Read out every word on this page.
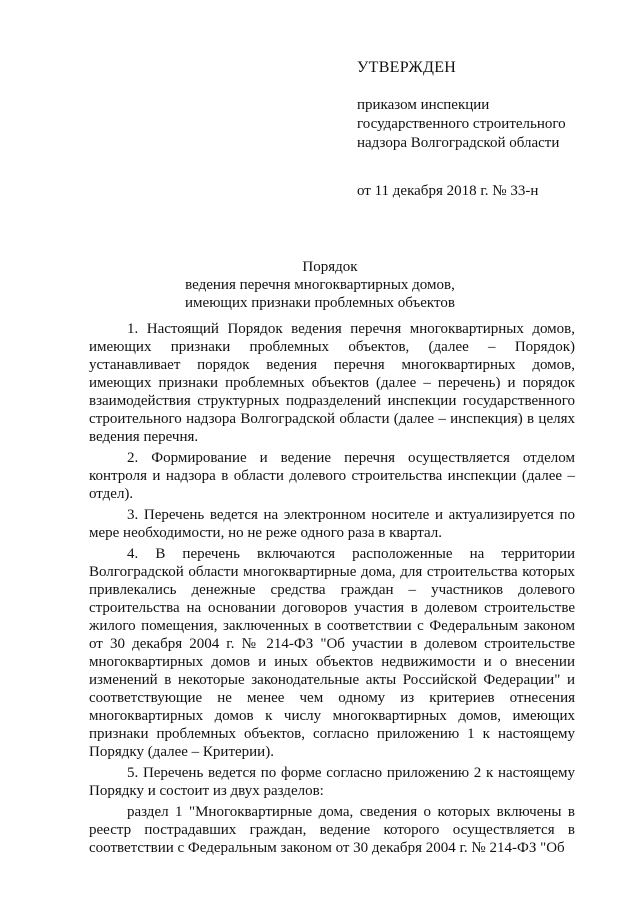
УТВЕРЖДЕН
приказом инспекции
государственного строительного
надзора Волгоградской области
от 11 декабря 2018 г. № 33-н
Порядок
ведения перечня многоквартирных домов,
имеющих признаки проблемных объектов

1. Настоящий Порядок ведения перечня многоквартирных домов, имеющих признаки проблемных объектов, (далее – Порядок) устанавливает порядок ведения перечня многоквартирных домов, имеющих признаки проблемных объектов (далее – перечень) и порядок взаимодействия структурных подразделений инспекции государственного строительного надзора Волгоградской области (далее – инспекция) в целях ведения перечня.

2. Формирование и ведение перечня осуществляется отделом контроля и надзора в области долевого строительства инспекции (далее – отдел).

3. Перечень ведется на электронном носителе и актуализируется по мере необходимости, но не реже одного раза в квартал.

4. В перечень включаются расположенные на территории Волгоградской области многоквартирные дома, для строительства которых привлекались денежные средства граждан – участников долевого строительства на основании договоров участия в долевом строительстве жилого помещения, заключенных в соответствии с Федеральным законом от 30 декабря 2004 г. № 214-ФЗ "Об участии в долевом строительстве многоквартирных домов и иных объектов недвижимости и о внесении изменений в некоторые законодательные акты Российской Федерации" и соответствующие не менее чем одному из критериев отнесения многоквартирных домов к числу многоквартирных домов, имеющих признаки проблемных объектов, согласно приложению 1 к настоящему Порядку (далее – Критерии).

5. Перечень ведется по форме согласно приложению 2 к настоящему Порядку и состоит из двух разделов:

раздел 1 "Многоквартирные дома, сведения о которых включены в реестр пострадавших граждан, ведение которого осуществляется в соответствии с Федеральным законом от 30 декабря 2004 г. № 214-ФЗ "Об
